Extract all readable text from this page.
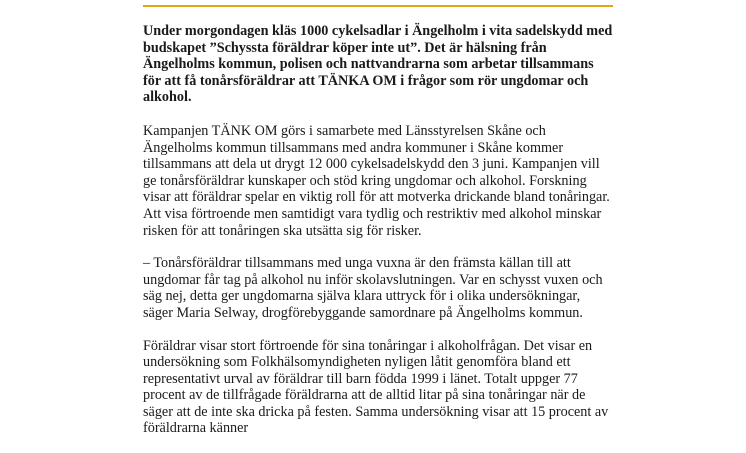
Under morgondagen kläs 1000 cykelsadlar i Ängelholm i vita sadelskydd med budskapet ”Schyssta föräldrar köper inte ut”. Det är hälsning från Ängelholms kommun, polisen och nattvandrarna som arbetar tillsammans för att få tonårsföräldrar att TÄNKA OM i frågor som rör ungdomar och alkohol.

Kampanjen TÄNK OM görs i samarbete med Länsstyrelsen Skåne och Ängelholms kommun tillsammans med andra kommuner i Skåne kommer tillsammans att dela ut drygt 12 000 cykelsadelskydd den 3 juni. Kampanjen vill ge tonårsföräldrar kunskaper och stöd kring ungdomar och alkohol. Forskning visar att föräldrar spelar en viktig roll för att motverka drickande bland tonåringar. Att visa förtroende men samtidigt vara tydlig och restriktiv med alkohol minskar risken för att tonåringen ska utsätta sig för risker.

– Tonårsföräldrar tillsammans med unga vuxna är den främsta källan till att ungdomar får tag på alkohol nu inför skolavslutningen. Var en schysst vuxen och säg nej, detta ger ungdomarna själva klara uttryck för i olika undersökningar, säger Maria Selway, drogförebyggande samordnare på Ängelholms kommun.

Föräldrar visar stort förtroende för sina tonåringar i alkoholfrågan. Det visar en undersökning som Folkhälsomyndigheten nyligen låtit genomföra bland ett representativt urval av föräldrar till barn födda 1999 i länet. Totalt uppger 77 procent av de tillfrågade föräldrarna att de alltid litar på sina tonåringar när de säger att de inte ska dricka på festen. Samma undersökning visar att 15 procent av föräldrarna känner
